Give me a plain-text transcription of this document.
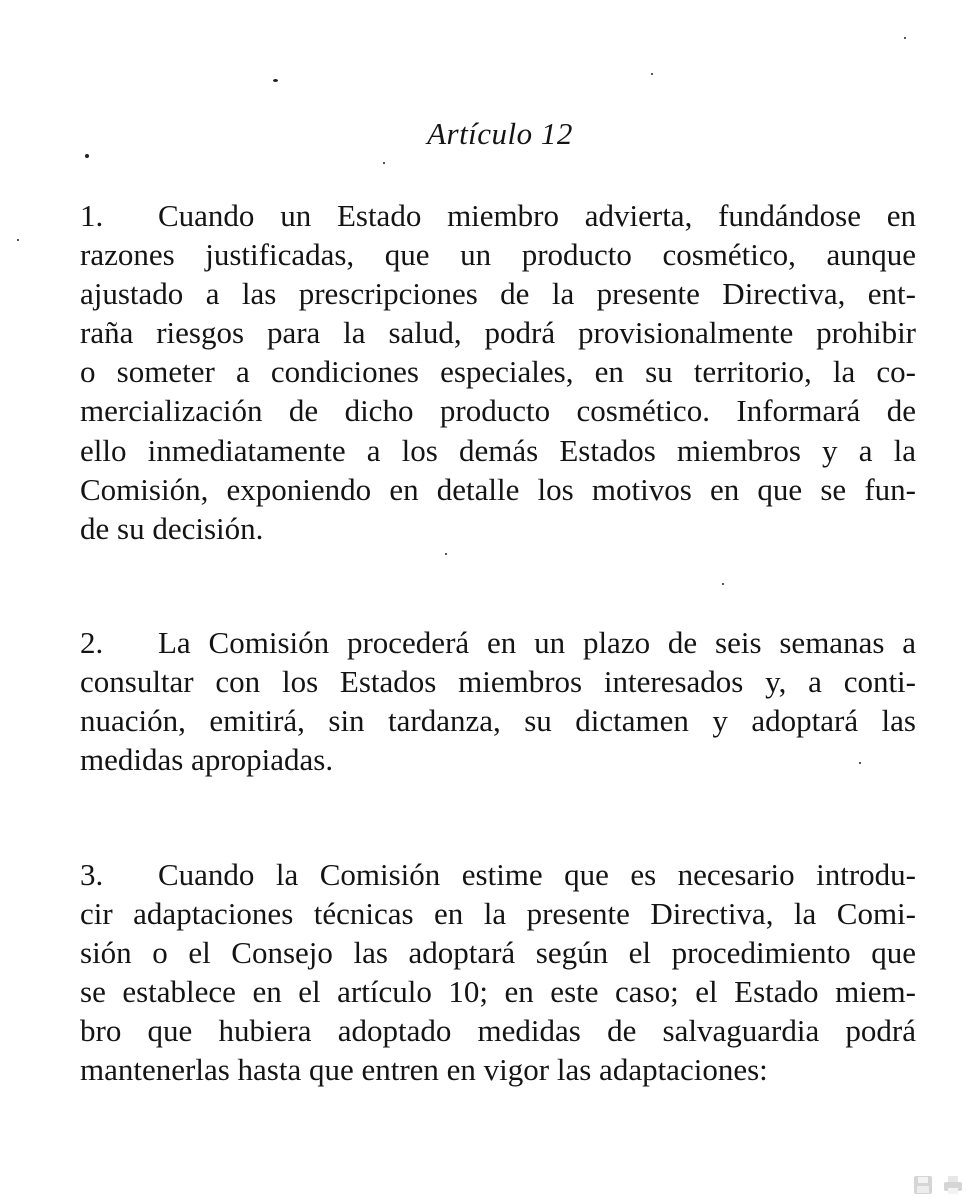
Artículo 12
1. Cuando un Estado miembro advierta, fundándose en
razones justificadas, que un producto cosmético, aunque
ajustado a las prescripciones de la presente Directiva, ent-
raña riesgos para la salud, podrá provisionalmente prohibir
o someter a condiciones especiales, en su territorio, la co-
mercialización de dicho producto cosmético. Informará de
ello inmediatamente a los demás Estados miembros y a la
Comisión, exponiendo en detalle los motivos en que se fun-
de su decisión.
2. La Comisión procederá en un plazo de seis semanas a
consultar con los Estados miembros interesados y, a conti-
nuación, emitirá, sin tardanza, su dictamen y adoptará las
medidas apropiadas.
3. Cuando la Comisión estime que es necesario introdu-
cir adaptaciones técnicas en la presente Directiva, la Comi-
sión o el Consejo las adoptará según el procedimiento que
se establece en el artículo 10; en este caso; el Estado miem-
bro que hubiera adoptado medidas de salvaguardia podrá
mantenerlas hasta que entren en vigor las adaptaciones:
